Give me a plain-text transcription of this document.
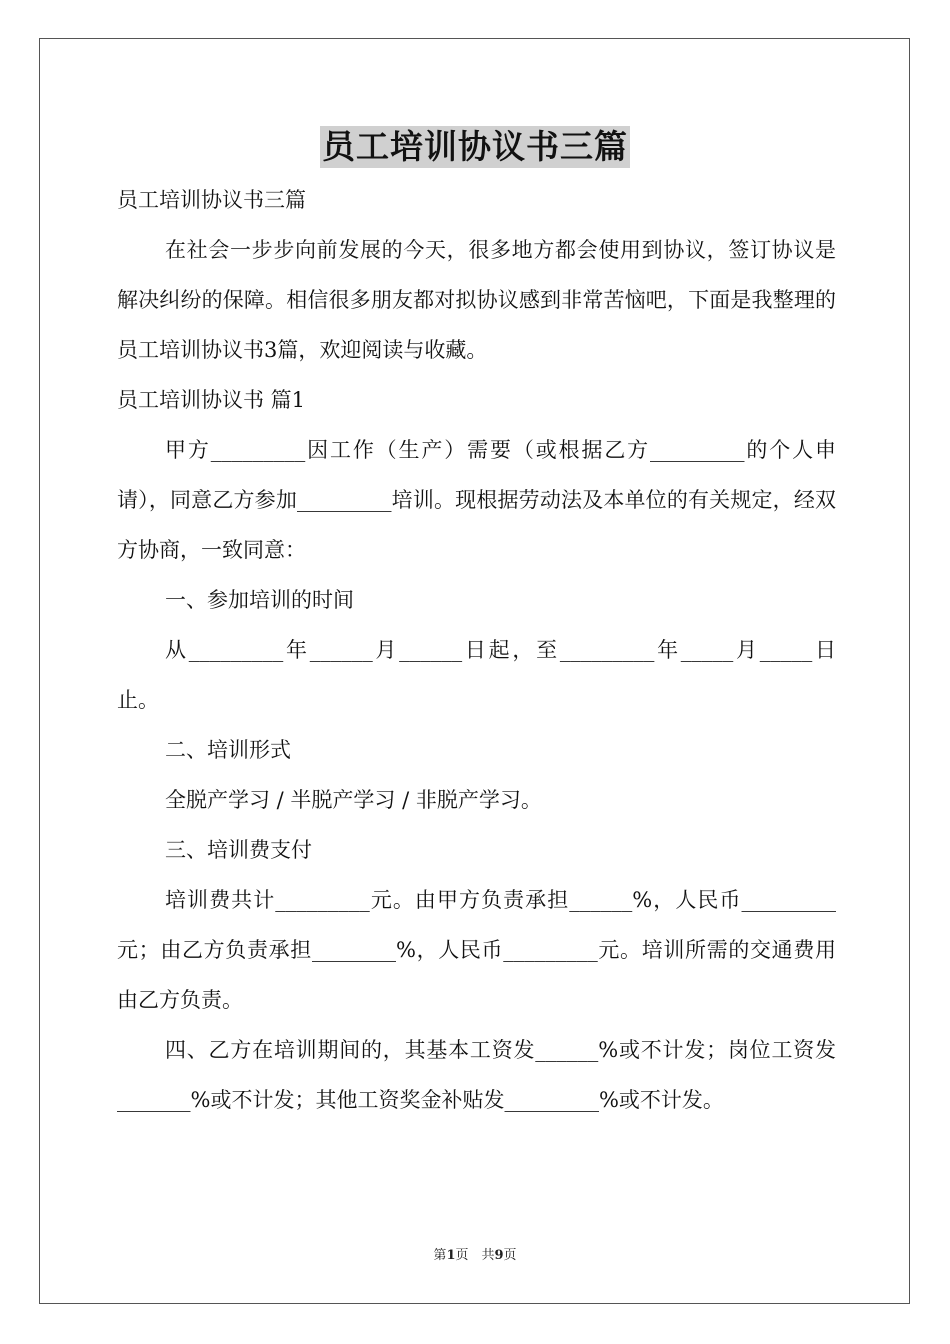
员工培训协议书三篇

员工培训协议书三篇

在社会一步步向前发展的今天，很多地方都会使用到协议，签订协议是解决纠纷的保障。相信很多朋友都对拟协议感到非常苦恼吧，下面是我整理的员工培训协议书3篇，欢迎阅读与收藏。

员工培训协议书 篇1

甲方_________因工作（生产）需要（或根据乙方_________的个人申请），同意乙方参加_________培训。现根据劳动法及本单位的有关规定，经双方协商，一致同意：

一、参加培训的时间

从_________年______月______日起，至_________年_____月_____日止。

二、培训形式

全脱产学习 / 半脱产学习 / 非脱产学习。

三、培训费支付

培训费共计_________元。由甲方负责承担______%，人民币_________元；由乙方负责承担________%，人民币_________元。培训所需的交通费用由乙方负责。

四、乙方在培训期间的，其基本工资发______%或不计发；岗位工资发_______%或不计发；其他工资奖金补贴发_________%或不计发。

第1页　共9页
